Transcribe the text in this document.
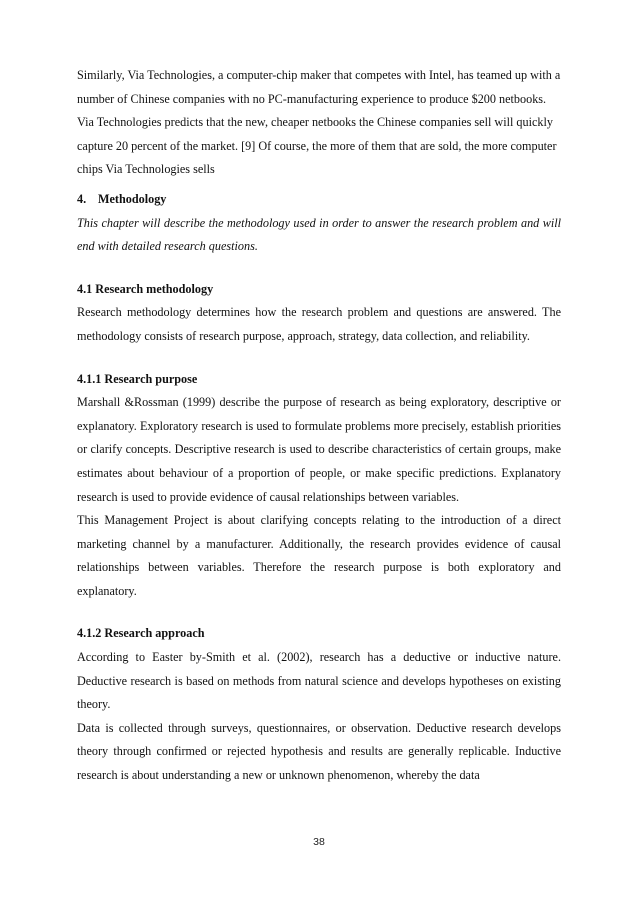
Similarly, Via Technologies, a computer-chip maker that competes with Intel, has teamed up with a number of Chinese companies with no PC-manufacturing experience to produce $200 netbooks. Via Technologies predicts that the new, cheaper netbooks the Chinese companies sell will quickly capture 20 percent of the market. [9] Of course, the more of them that are sold, the more computer chips Via Technologies sells

4. Methodology

This chapter will describe the methodology used in order to answer the research problem and will end with detailed research questions.

4.1 Research methodology

Research methodology determines how the research problem and questions are answered. The methodology consists of research purpose, approach, strategy, data collection, and reliability.

4.1.1 Research purpose

Marshall &Rossman (1999) describe the purpose of research as being exploratory, descriptive or explanatory. Exploratory research is used to formulate problems more precisely, establish priorities or clarify concepts. Descriptive research is used to describe characteristics of certain groups, make estimates about behaviour of a proportion of people, or make specific predictions. Explanatory research is used to provide evidence of causal relationships between variables.

This Management Project is about clarifying concepts relating to the introduction of a direct marketing channel by a manufacturer. Additionally, the research provides evidence of causal relationships between variables. Therefore the research purpose is both exploratory and explanatory.

4.1.2 Research approach

According to Easter by-Smith et al. (2002), research has a deductive or inductive nature. Deductive research is based on methods from natural science and develops hypotheses on existing theory.

Data is collected through surveys, questionnaires, or observation. Deductive research develops theory through confirmed or rejected hypothesis and results are generally replicable. Inductive research is about understanding a new or unknown phenomenon, whereby the data

38
